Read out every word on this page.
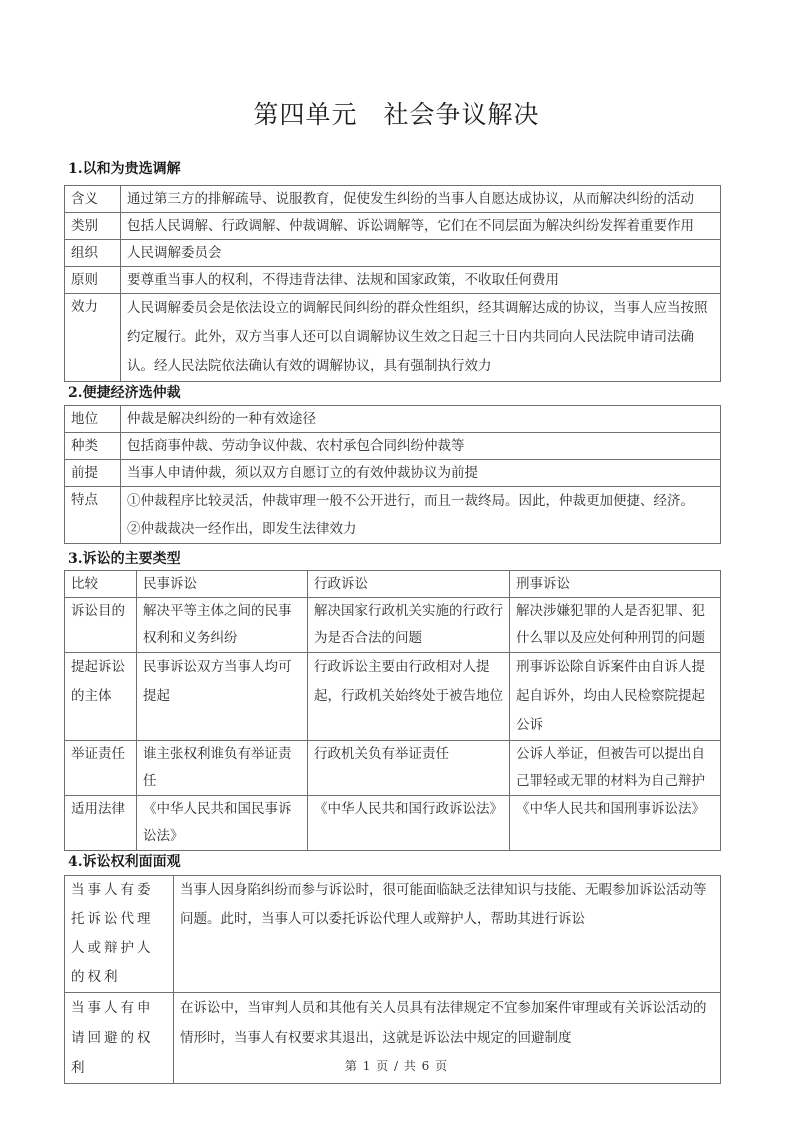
第四单元　社会争议解决
1.以和为贵选调解
含义	通过第三方的排解疏导、说服教育，促使发生纠纷的当事人自愿达成协议，从而解决纠纷的活动
类别	包括人民调解、行政调解、仲裁调解、诉讼调解等，它们在不同层面为解决纠纷发挥着重要作用
组织	人民调解委员会
原则	要尊重当事人的权利，不得违背法律、法规和国家政策，不收取任何费用
效力	人民调解委员会是依法设立的调解民间纠纷的群众性组织，经其调解达成的协议，当事人应当按照约定履行。此外，双方当事人还可以自调解协议生效之日起三十日内共同向人民法院申请司法确认。经人民法院依法确认有效的调解协议，具有强制执行效力
2.便捷经济选仲裁
地位	仲裁是解决纠纷的一种有效途径
种类	包括商事仲裁、劳动争议仲裁、农村承包合同纠纷仲裁等
前提	当事人申请仲裁，须以双方自愿订立的有效仲裁协议为前提
特点	①仲裁程序比较灵活，仲裁审理一般不公开进行，而且一裁终局。因此，仲裁更加便捷、经济。
②仲裁裁决一经作出，即发生法律效力
3.诉讼的主要类型
比较	民事诉讼	行政诉讼	刑事诉讼
诉讼目的	解决平等主体之间的民事权利和义务纠纷	解决国家行政机关实施的行政行为是否合法的问题	解决涉嫌犯罪的人是否犯罪、犯什么罪以及应处何种刑罚的问题
提起诉讼的主体	民事诉讼双方当事人均可提起	行政诉讼主要由行政相对人提起，行政机关始终处于被告地位	刑事诉讼除自诉案件由自诉人提起自诉外，均由人民检察院提起公诉
举证责任	谁主张权利谁负有举证责任	行政机关负有举证责任	公诉人举证，但被告可以提出自己罪轻或无罪的材料为自己辩护
适用法律	《中华人民共和国民事诉讼法》	《中华人民共和国行政诉讼法》	《中华人民共和国刑事诉讼法》
4.诉讼权利面面观
当事人有委托诉讼代理人或辩护人的权利	当事人因身陷纠纷而参与诉讼时，很可能面临缺乏法律知识与技能、无暇参加诉讼活动等问题。此时，当事人可以委托诉讼代理人或辩护人，帮助其进行诉讼
当事人有申请回避的权利	在诉讼中，当审判人员和其他有关人员具有法律规定不宜参加案件审理或有关诉讼活动的情形时，当事人有权要求其退出，这就是诉讼法中规定的回避制度
第 1 页 / 共 6 页
